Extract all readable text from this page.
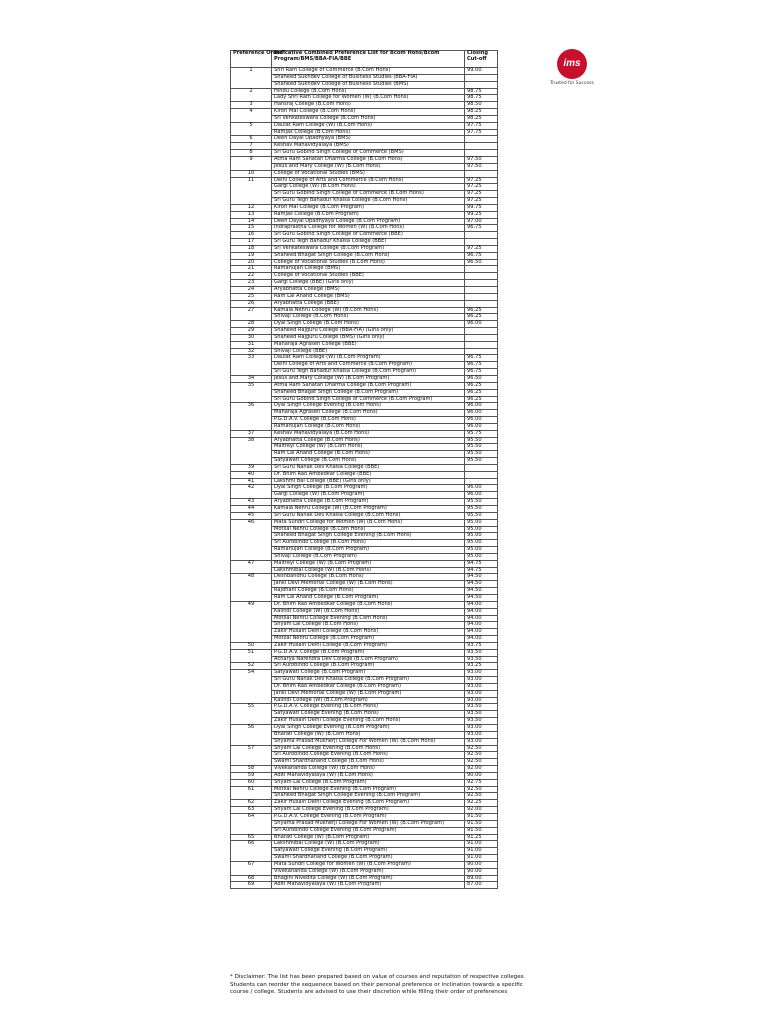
Preference Order*	Indicative Combined Preference List for Bcom Hons/Bcom Program/BMS/BBA-FIA/BBE	Closing Cut-off
1	Shri Ram College of Commerce (B.Com Hons)	99.00
	Shaheed Sukhdev College of Business Studies (BBA-FIA)	
	Shaheed Sukhdev College of Business Studies (BMS)	
2	Hindu College (B.Com Hons)	98.75
	Lady Shri Ram College for Women (W) (B.Com Hons)	98.75
3	Hansraj College (B.Com Hons)	98.50
4	Kirori Mal College (B.Com Hons)	98.25
	Sri Venkateswara College (B.Com Hons)	98.25
5	Daulat Ram College (W) (B.Com Hons)	97.75
	Ramjas College (B.Com Hons)	97.75
6	Deen Dayal Upadhyaya (BMS)	
7	Keshav Mahavidyalaya (BMS)	
8	Sri Guru Gobind Singh College of Commerce (BMS)	
9	Atma Ram Sanatan Dharma College (B.Com Hons)	97.50
	Jesus and Mary College (W) (B.Com Hons)	97.50
10	College of Vocational Studies (BMS)	
11	Delhi College of Arts and Commerce (B.Com Hons)	97.25
	Gargi College (W) (B.Com Hons)	97.25
	Sri Guru Gobind Singh College of Commerce (B.Com Hons)	97.25
	Sri Guru Tegh Bahadur Khalsa College (B.Com Hons)	97.25
12	Kirori Mal College (B.Com Program)	99.75
13	Ramjas College (B.Com Program)	99.25
14	Deen Dayal Upadhyaya College (B.Com Program)	97.00
15	Indraprastha College for Women (W) (B.Com Hons)	96.75
16	Sri Guru Gobind Singh College of Commerce (BBE)	
17	Sri Guru Tegh Bahadur Khalsa College (BBE)	
18	Sri Venkateswara College (B.Com Program)	97.25
19	Shaheed Bhagat Singh College (B.Com Hons)	96.75
20	College of Vocational Studies (B.Com Hons)	96.50
21	Ramanujan College (BMS)	
22	College of Vocational Studies (BBE)	
23	Gargi College (BBE) (Girls only)	
24	Aryabhatta College (BMS)	
25	Ram Lal Anand College (BMS)	
26	Aryabhatta College (BBE)	
27	Kamala Nehru College (W) (B.Com Hons)	96.25
	Shivaji College (B.Com Hons)	96.25
28	Dyal Singh College (B.Com Hons)	96.00
29	Shaheed Rajguru College (BBA-FIA) (Girls only)	
30	Shaheed Rajguru College (BMS) (Girls only)	
31	Maharaja Agrasen College (BBE)	
32	Shivaji College (BBE)	
33	Daulat Ram College (W) (B.Com Program)	96.75
	Delhi College of Arts and Commerce (B.Com Program)	96.75
	Sri Guru Tegh Bahadur Khalsa College (B.Com Program)	96.75
34	Jesus and Mary College (W) (B.Com Program)	96.50
35	Atma Ram Sanatan Dharma College (B.Com Program)	96.25
	Shaheed Bhagat Singh College (B.Com Program)	96.25
	Sri Guru Gobind Singh College of Commerce (B.Com Program)	96.25
36	Dyal Singh College Evening (B.Com Hons)	96.00
	Maharaja Agrasen College (B.Com Hons)	96.00
	P.G.D.A.V. College (B.Com Hons)	96.00
	Ramanujan College (B.Com Hons)	96.00
37	Keshav Mahavidyalaya (B.Com Hons)	95.75
38	Aryabhatta College (B.Com Hons)	95.50
	Maitreyi College (W) (B.Com Hons)	95.50
	Ram Lal Anand College (B.Com Hons)	95.50
	Satyawati College (B.Com Hons)	95.50
39	Sri Guru Nanak Dev Khalsa College (BBE)	
40	Dr. Bhim Rao Ambedkar College (BBE)	
41	Lakshmi Bai College (BBE) (Girls only)	
42	Dyal Singh College (B.Com Program)	96.00
	Gargi College (W) (B.Com Program)	96.00
43	Aryabhatta College (B.Com Program)	95.50
44	Kamala Nehru College (W) (B.Com Program)	95.50
45	Sri Guru Nanak Dev Khalsa College (B.Com Hons)	95.50
46	Mata Sundri College for Women (W) (B.Com Hons)	95.00
	Motilal Nehru College (B.Com Hons)	95.00
	Shaheed Bhagat Singh College Evening (B.Com Hons)	95.00
	Sri Aurobindo College (B.Com Hons)	95.00
	Ramanujan College (B.Com Program)	95.00
	Shivaji College (B.Com Program)	95.00
47	Maitreyi College (W) (B.Com Program)	94.75
	Lakshmibai College (W) (B.Com Hons)	94.75
48	Deshbandhu College (B.Com Hons)	94.50
	Janki Devi Memorial College (W) (B.Com Hons)	94.50
	Rajdhani College (B.Com Hons)	94.50
	Ram Lal Anand College (B.Com Program)	94.50
49	Dr. Bhim Rao Ambedkar College (B.Com Hons)	94.00
	Kalindi College (W) (B.Com Hons)	94.00
	Motilal Nehru College Evening (B.Com Hons)	94.00
	Shyam Lal College (B.Com Hons)	94.00
	Zakir Husain Delhi College (B.Com Hons)	94.00
	Motilal Nehru College (B.Com Program)	94.00
50	Zakir Husain Delhi College (B.Com Program)	93.75
51	P.G.D.A.V. College (B.Com Program)	93.50
	Acharya Narendra Dev College (B.Com Program)	93.50
52	Sri Aurobindo College (B.Com Program)	93.25
54	Satyawati College (B.Com Program)	93.00
	Sri Guru Nanak Dev Khalsa College (B.Com Program)	93.00
	Dr. Bhim Rao Ambedkar College (B.Com Program)	93.00
	Janki Devi Memorial College (W) (B.Com Program)	93.00
	Kalindi College (W) (B.Com Program)	93.00
55	P.G.D.A.V. College Evening (B.Com Hons)	93.50
	Satyawati College Evening (B.Com Hons)	93.50
	Zakir Husain Delhi College Evening (B.Com Hons)	93.50
56	Dyal Singh College Evening (B.Com Program)	93.00
	Bharati College (W) (B.Com Hons)	93.00
	Shyama Prasad Mukherji College For Women (W) (B.Com Hons)	93.00
57	Shyam Lal College Evening (B.Com Hons)	92.50
	Sri Aurobindo College Evening (B.Com Hons)	92.50
	Swami Shardhanand College (B.Com Hons)	92.50
58	Vivekananda College (W) (B.Com Hons)	92.00
59	Aditi Mahavidyalaya (W) (B.Com Hons)	90.00
60	Shyam Lal College (B.Com Program)	92.75
61	Motilal Nehru College Evening (B.Com Program)	92.50
	Shaheed Bhagat Singh College Evening (B.Com Program)	92.50
62	Zakir Husain Delhi College Evening (B.Com Program)	92.25
63	Shyam Lal College Evening (B.Com Program)	92.00
64	P.G.D.A.V. College Evening (B.Com Program)	91.50
	Shyama Prasad Mukherji College For Women (W) (B.Com Program)	91.50
	Sri Aurobindo College Evening (B.Com Program)	91.50
65	Bharati College (W) (B.Com Program)	91.25
66	Lakshmibai College (W) (B.Com Program)	91.00
	Satyawati College Evening (B.Com Program)	91.00
	Swami Shardhanand College (B.Com Program)	91.00
67	Mata Sundri College for Women (W) (B.Com Program)	90.00
	Vivekananda College (W) (B.Com Program)	90.00
68	Bhagini Nivedita College (W) (B.Com Program)	89.00
69	Aditi Mahavidyalaya (W) (B.Com Program)	87.00
ims
Trusted for Success
* Disclaimer: The list has been prepared based on value of courses and reputation of respective colleges. Students can reorder the sequenece based on their personal preference or inclination towards a specific course / college. Students are advised to use their discretion while filling their order of preferences
